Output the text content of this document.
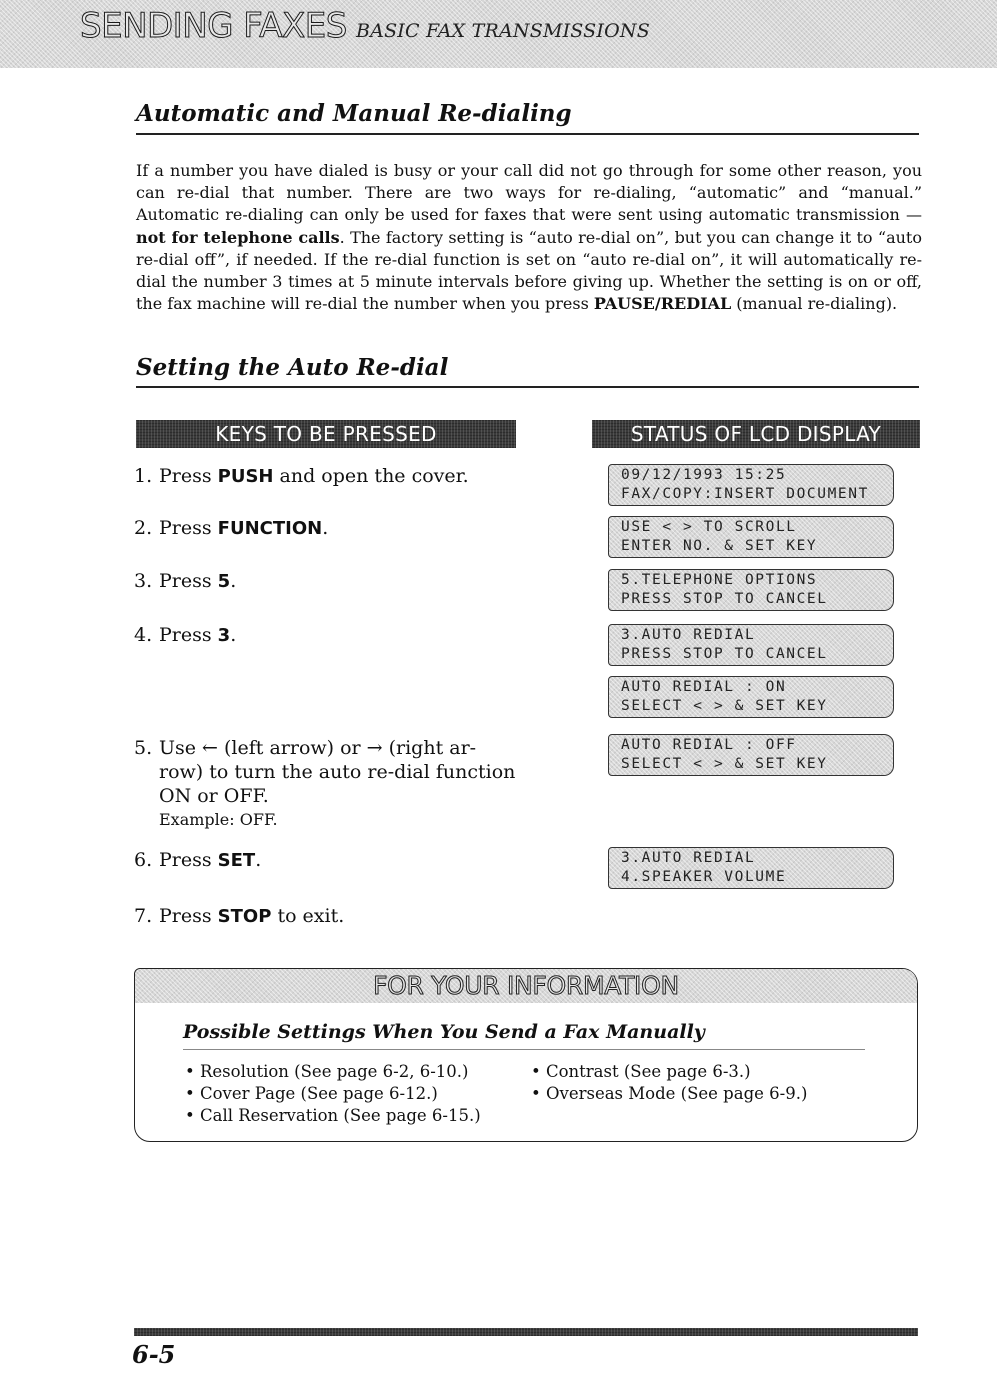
SENDING FAXES BASIC FAX TRANSMISSIONS
Automatic and Manual Re-dialing
If a number you have dialed is busy or your call did not go through for some other reason, you can re-dial that number. There are two ways for re-dialing, “automatic” and “manual.” Automatic re-dialing can only be used for faxes that were sent using automatic transmission — not for telephone calls. The factory setting is “auto re-dial on”, but you can change it to “auto re-dial off”, if needed. If the re-dial function is set on “auto re-dial on”, it will automatically re-dial the number 3 times at 5 minute intervals before giving up. Whether the setting is on or off, the fax machine will re-dial the number when you press PAUSE/REDIAL (manual re-dialing).
Setting the Auto Re-dial
KEYS TO BE PRESSED	STATUS OF LCD DISPLAY
1. Press PUSH and open the cover.
2. Press FUNCTION.
3. Press 5.
4. Press 3.
5. Use ← (left arrow) or → (right ar-
row) to turn the auto re-dial function
ON or OFF.
Example: OFF.
6. Press SET.
7. Press STOP to exit.
09/12/1993 15:25
FAX/COPY:INSERT DOCUMENT
USE < > TO SCROLL
ENTER NO. & SET KEY
5.TELEPHONE OPTIONS
PRESS STOP TO CANCEL
3.AUTO REDIAL
PRESS STOP TO CANCEL
AUTO REDIAL : ON
SELECT < > & SET KEY
AUTO REDIAL : OFF
SELECT < > & SET KEY
3.AUTO REDIAL
4.SPEAKER VOLUME
FOR YOUR INFORMATION
Possible Settings When You Send a Fax Manually
• Resolution (See page 6-2, 6-10.)
• Cover Page (See page 6-12.)
• Call Reservation (See page 6-15.)
• Contrast (See page 6-3.)
• Overseas Mode (See page 6-9.)
6-5
